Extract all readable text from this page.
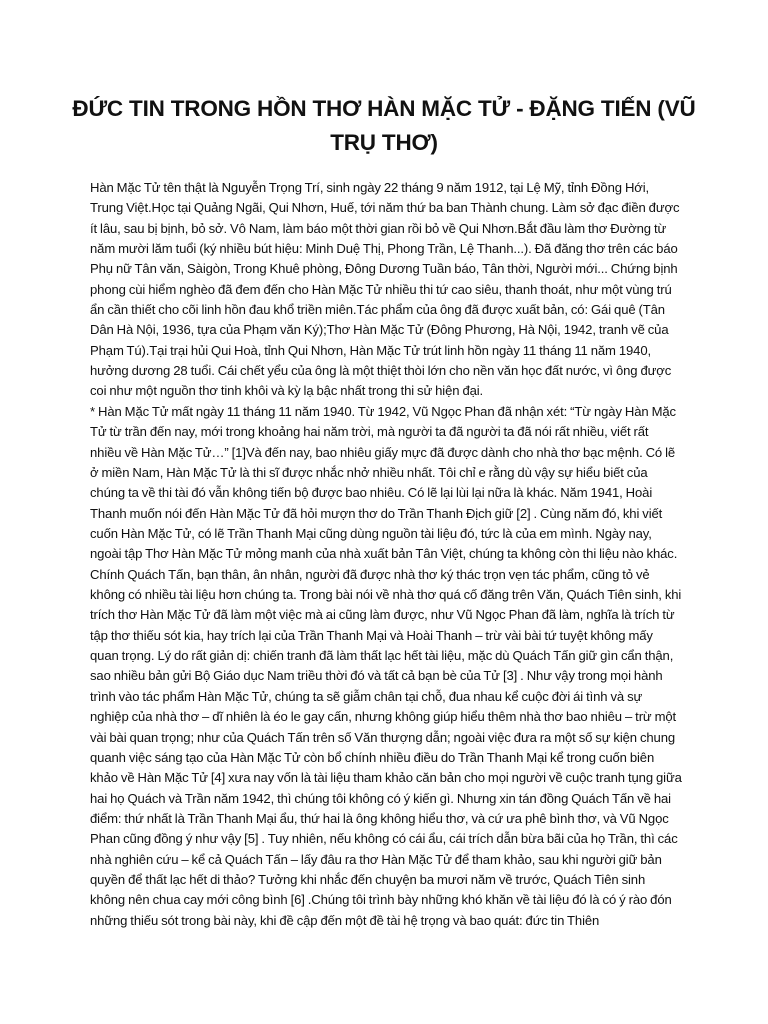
ĐỨC TIN TRONG HỒN THƠ HÀN MẶC TỬ - ĐẶNG TIẾN (VŨ TRỤ THƠ)

Hàn Mặc Tử tên thật là Nguyễn Trọng Trí, sinh ngày 22 tháng 9 năm 1912, tại Lệ Mỹ, tỉnh Đồng Hới, Trung Việt.Học tại Quảng Ngãi, Qui Nhơn, Huế, tới năm thứ ba ban Thành chung. Làm sở đạc điền được ít lâu, sau bị bịnh, bỏ sở. Vô Nam, làm báo một thời gian rồi bỏ về Qui Nhơn.Bắt đầu làm thơ Đường từ năm mười lăm tuổi (ký nhiều bút hiệu: Minh Duệ Thị, Phong Trần, Lệ Thanh...). Đã đăng thơ trên các báo Phụ nữ Tân văn, Sàigòn, Trong Khuê phòng, Đông Dương Tuần báo, Tân thời, Người mới... Chứng bịnh phong cùi hiểm nghèo đã đem đến cho Hàn Mặc Tử nhiều thi tứ cao siêu, thanh thoát, như một vùng trú ẩn cần thiết cho cõi linh hồn đau khổ triền miên.Tác phẩm của ông đã được xuất bản, có: Gái quê (Tân Dân Hà Nội, 1936, tựa của Phạm văn Ký);Thơ Hàn Mặc Tử (Đông Phương, Hà Nội, 1942, tranh vẽ của Phạm Tú).Tại trại hủi Qui Hoà, tỉnh Qui Nhơn, Hàn Mặc Tử trút linh hồn ngày 11 tháng 11 năm 1940, hưởng dương 28 tuổi. Cái chết yểu của ông là một thiệt thòi lớn cho nền văn học đất nước, vì ông được coi như một nguồn thơ tinh khôi và kỳ lạ bậc nhất trong thi sử hiện đại.

* Hàn Mặc Tử mất ngày 11 tháng 11 năm 1940. Từ 1942, Vũ Ngọc Phan đã nhận xét: “Từ ngày Hàn Mặc Tử từ trần đến nay, mới trong khoảng hai năm trời, mà người ta đã người ta đã nói rất nhiều, viết rất nhiều về Hàn Mặc Tử…” [1]Và đến nay, bao nhiêu giấy mực đã được dành cho nhà thơ bạc mệnh. Có lẽ ở miền Nam, Hàn Mặc Tử là thi sĩ được nhắc nhở nhiều nhất. Tôi chỉ e rằng dù vậy sự hiểu biết của chúng ta về thi tài đó vẫn không tiến bộ được bao nhiêu. Có lẽ lại lùi lại nữa là khác. Năm 1941, Hoài Thanh muốn nói đến Hàn Mặc Tử đã hỏi mượn thơ do Trần Thanh Địch giữ [2] . Cùng năm đó, khi viết cuốn Hàn Mặc Tử, có lẽ Trần Thanh Mại cũng dùng nguồn tài liệu đó, tức là của em mình. Ngày nay, ngoài tập Thơ Hàn Mặc Tử mỏng manh của nhà xuất bản Tân Việt, chúng ta không còn thi liệu nào khác. Chính Quách Tấn, bạn thân, ân nhân, người đã được nhà thơ ký thác trọn vẹn tác phẩm, cũng tỏ vẻ không có nhiều tài liệu hơn chúng ta. Trong bài nói về nhà thơ quá cố đăng trên Văn, Quách Tiên sinh, khi trích thơ Hàn Mặc Tử đã làm một việc mà ai cũng làm được, như Vũ Ngọc Phan đã làm, nghĩa là trích từ tập thơ thiếu sót kia, hay trích lại của Trần Thanh Mại và Hoài Thanh – trừ vài bài tứ tuyệt không mấy quan trọng. Lý do rất giản dị: chiến tranh đã làm thất lạc hết tài liệu, mặc dù Quách Tấn giữ gìn cẩn thận, sao nhiều bản gửi Bộ Giáo dục Nam triều thời đó và tất cả bạn bè của Tử [3] . Như vậy trong mọi hành trình vào tác phẩm Hàn Mặc Tử, chúng ta sẽ giẫm chân tại chỗ, đua nhau kể cuộc đời ái tình và sự nghiệp của nhà thơ – dĩ nhiên là éo le gay cấn, nhưng không giúp hiểu thêm nhà thơ bao nhiêu – trừ một vài bài quan trọng; như của Quách Tấn trên số Văn thượng dẫn; ngoài việc đưa ra một số sự kiện chung quanh việc sáng tạo của Hàn Mặc Tử còn bổ chính nhiều điều do Trần Thanh Mại kể trong cuốn biên khảo về Hàn Mặc Tử [4] xưa nay vốn là tài liệu tham khảo căn bản cho mọi người về cuộc tranh tụng giữa hai họ Quách và Trần năm 1942, thì chúng tôi không có ý kiến gì. Nhưng xin tán đồng Quách Tấn về hai điểm: thứ nhất là Trần Thanh Mại ẩu, thứ hai là ông không hiểu thơ, và cứ ưa phê bình thơ, và Vũ Ngọc Phan cũng đồng ý như vậy [5] . Tuy nhiên, nếu không có cái ẩu, cái trích dẫn bừa bãi của họ Trần, thì các nhà nghiên cứu – kể cả Quách Tấn – lấy đâu ra thơ Hàn Mặc Tử để tham khảo, sau khi người giữ bản quyền để thất lạc hết di thảo? Tưởng khi nhắc đến chuyện ba mươi năm về trước, Quách Tiên sinh không nên chua cay mới công bình [6] .Chúng tôi trình bày những khó khăn về tài liệu đó là có ý rào đón những thiếu sót trong bài này, khi đề cập đến một đề tài hệ trọng và bao quát: đức tin Thiên
